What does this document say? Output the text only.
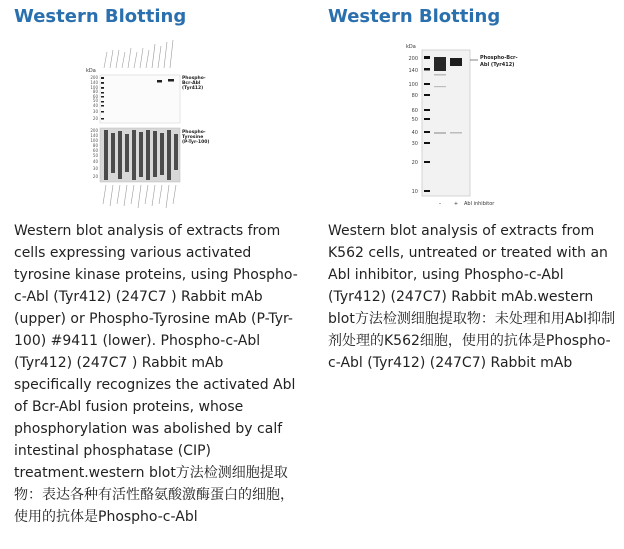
Western Blotting
kDa
200
140
100
80
60
50
40
30
20
Phospho-
Bcr-Abl
(Tyr412)
200
140
100
80
60
50
40
30
20
Phospho-
Tyrosine
(P-Tyr-100)

Western blot analysis of extracts from cells expressing various activated tyrosine kinase proteins, using Phospho-c-Abl (Tyr412) (247C7 ) Rabbit mAb (upper) or Phospho-Tyrosine mAb (P-Tyr-100) #9411 (lower). Phospho-c-Abl (Tyr412) (247C7 ) Rabbit mAb specifically recognizes the activated Abl of Bcr-Abl fusion proteins, whose phosphorylation was abolished by calf intestinal phosphatase (CIP) treatment.western blot方法检测细胞提取物：表达各种有活性酪氨酸激酶蛋白的细胞，使用的抗体是Phospho-c-Abl

Western Blotting
kDa
200
140
100
80
60
50
40
30
20
10
Phospho-Bcr-
Abl (Tyr412)
–	+ Abl inhibitor

Western blot analysis of extracts from K562 cells, untreated or treated with an Abl inhibitor, using Phospho-c-Abl (Tyr412) (247C7) Rabbit mAb.western blot方法检测细胞提取物：未处理和用Abl抑制剂处理的K562细胞，使用的抗体是Phospho-c-Abl (Tyr412) (247C7) Rabbit mAb
